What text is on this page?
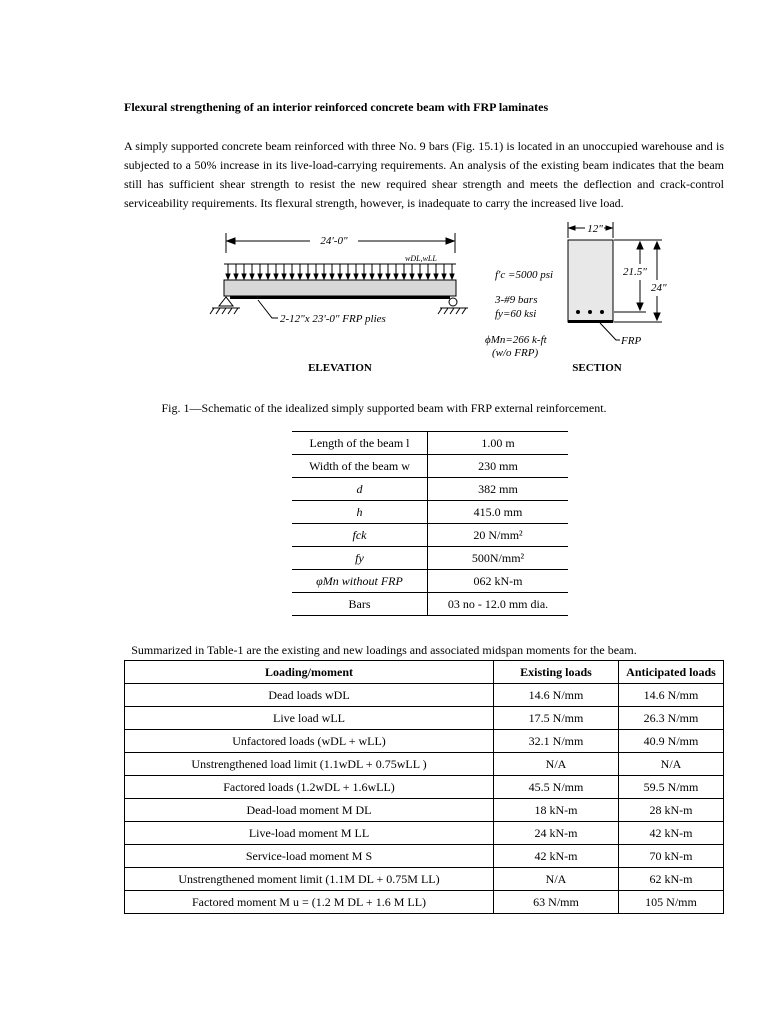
Flexural strengthening of an interior reinforced concrete beam with FRP laminates
A simply supported concrete beam reinforced with three No. 9 bars (Fig. 15.1) is located in an unoccupied warehouse and is subjected to a 50% increase in its live-load-carrying requirements. An analysis of the existing beam indicates that the beam still has sufficient shear strength to resist the new required shear strength and meets the deflection and crack-control serviceability requirements. Its flexural strength, however, is inadequate to carry the increased live load.
24'-0"
wDL,wLL
2-12"x 23'-0" FRP plies
ELEVATION
f'c =5000 psi
3-#9 bars
fy=60 ksi
ϕMn=266 k-ft
(w/o FRP)
12"
21.5"
24"
FRP
SECTION
Fig. 1—Schematic of the idealized simply supported beam with FRP external reinforcement.
Length of the beam l	1.00 m
Width of the beam w	230 mm
d	382 mm
h	415.0 mm
fck	20 N/mm²
fy	500N/mm²
φMn without FRP	062 kN-m
Bars	03 no - 12.0 mm dia.
Summarized in Table-1 are the existing and new loadings and associated midspan moments for the beam.
Loading/moment	Existing loads	Anticipated loads
Dead loads wDL	14.6 N/mm	14.6 N/mm
Live load wLL	17.5 N/mm	26.3 N/mm
Unfactored loads (wDL + wLL)	32.1 N/mm	40.9 N/mm
Unstrengthened load limit (1.1wDL + 0.75wLL )	N/A	N/A
Factored loads (1.2wDL + 1.6wLL)	45.5 N/mm	59.5 N/mm
Dead-load moment M DL	18 kN-m	28 kN-m
Live-load moment M LL	24 kN-m	42 kN-m
Service-load moment M S	42 kN-m	70 kN-m
Unstrengthened moment limit (1.1M DL + 0.75M LL)	N/A	62 kN-m
Factored moment M u = (1.2 M DL + 1.6 M LL)	63 N/mm	105 N/mm
